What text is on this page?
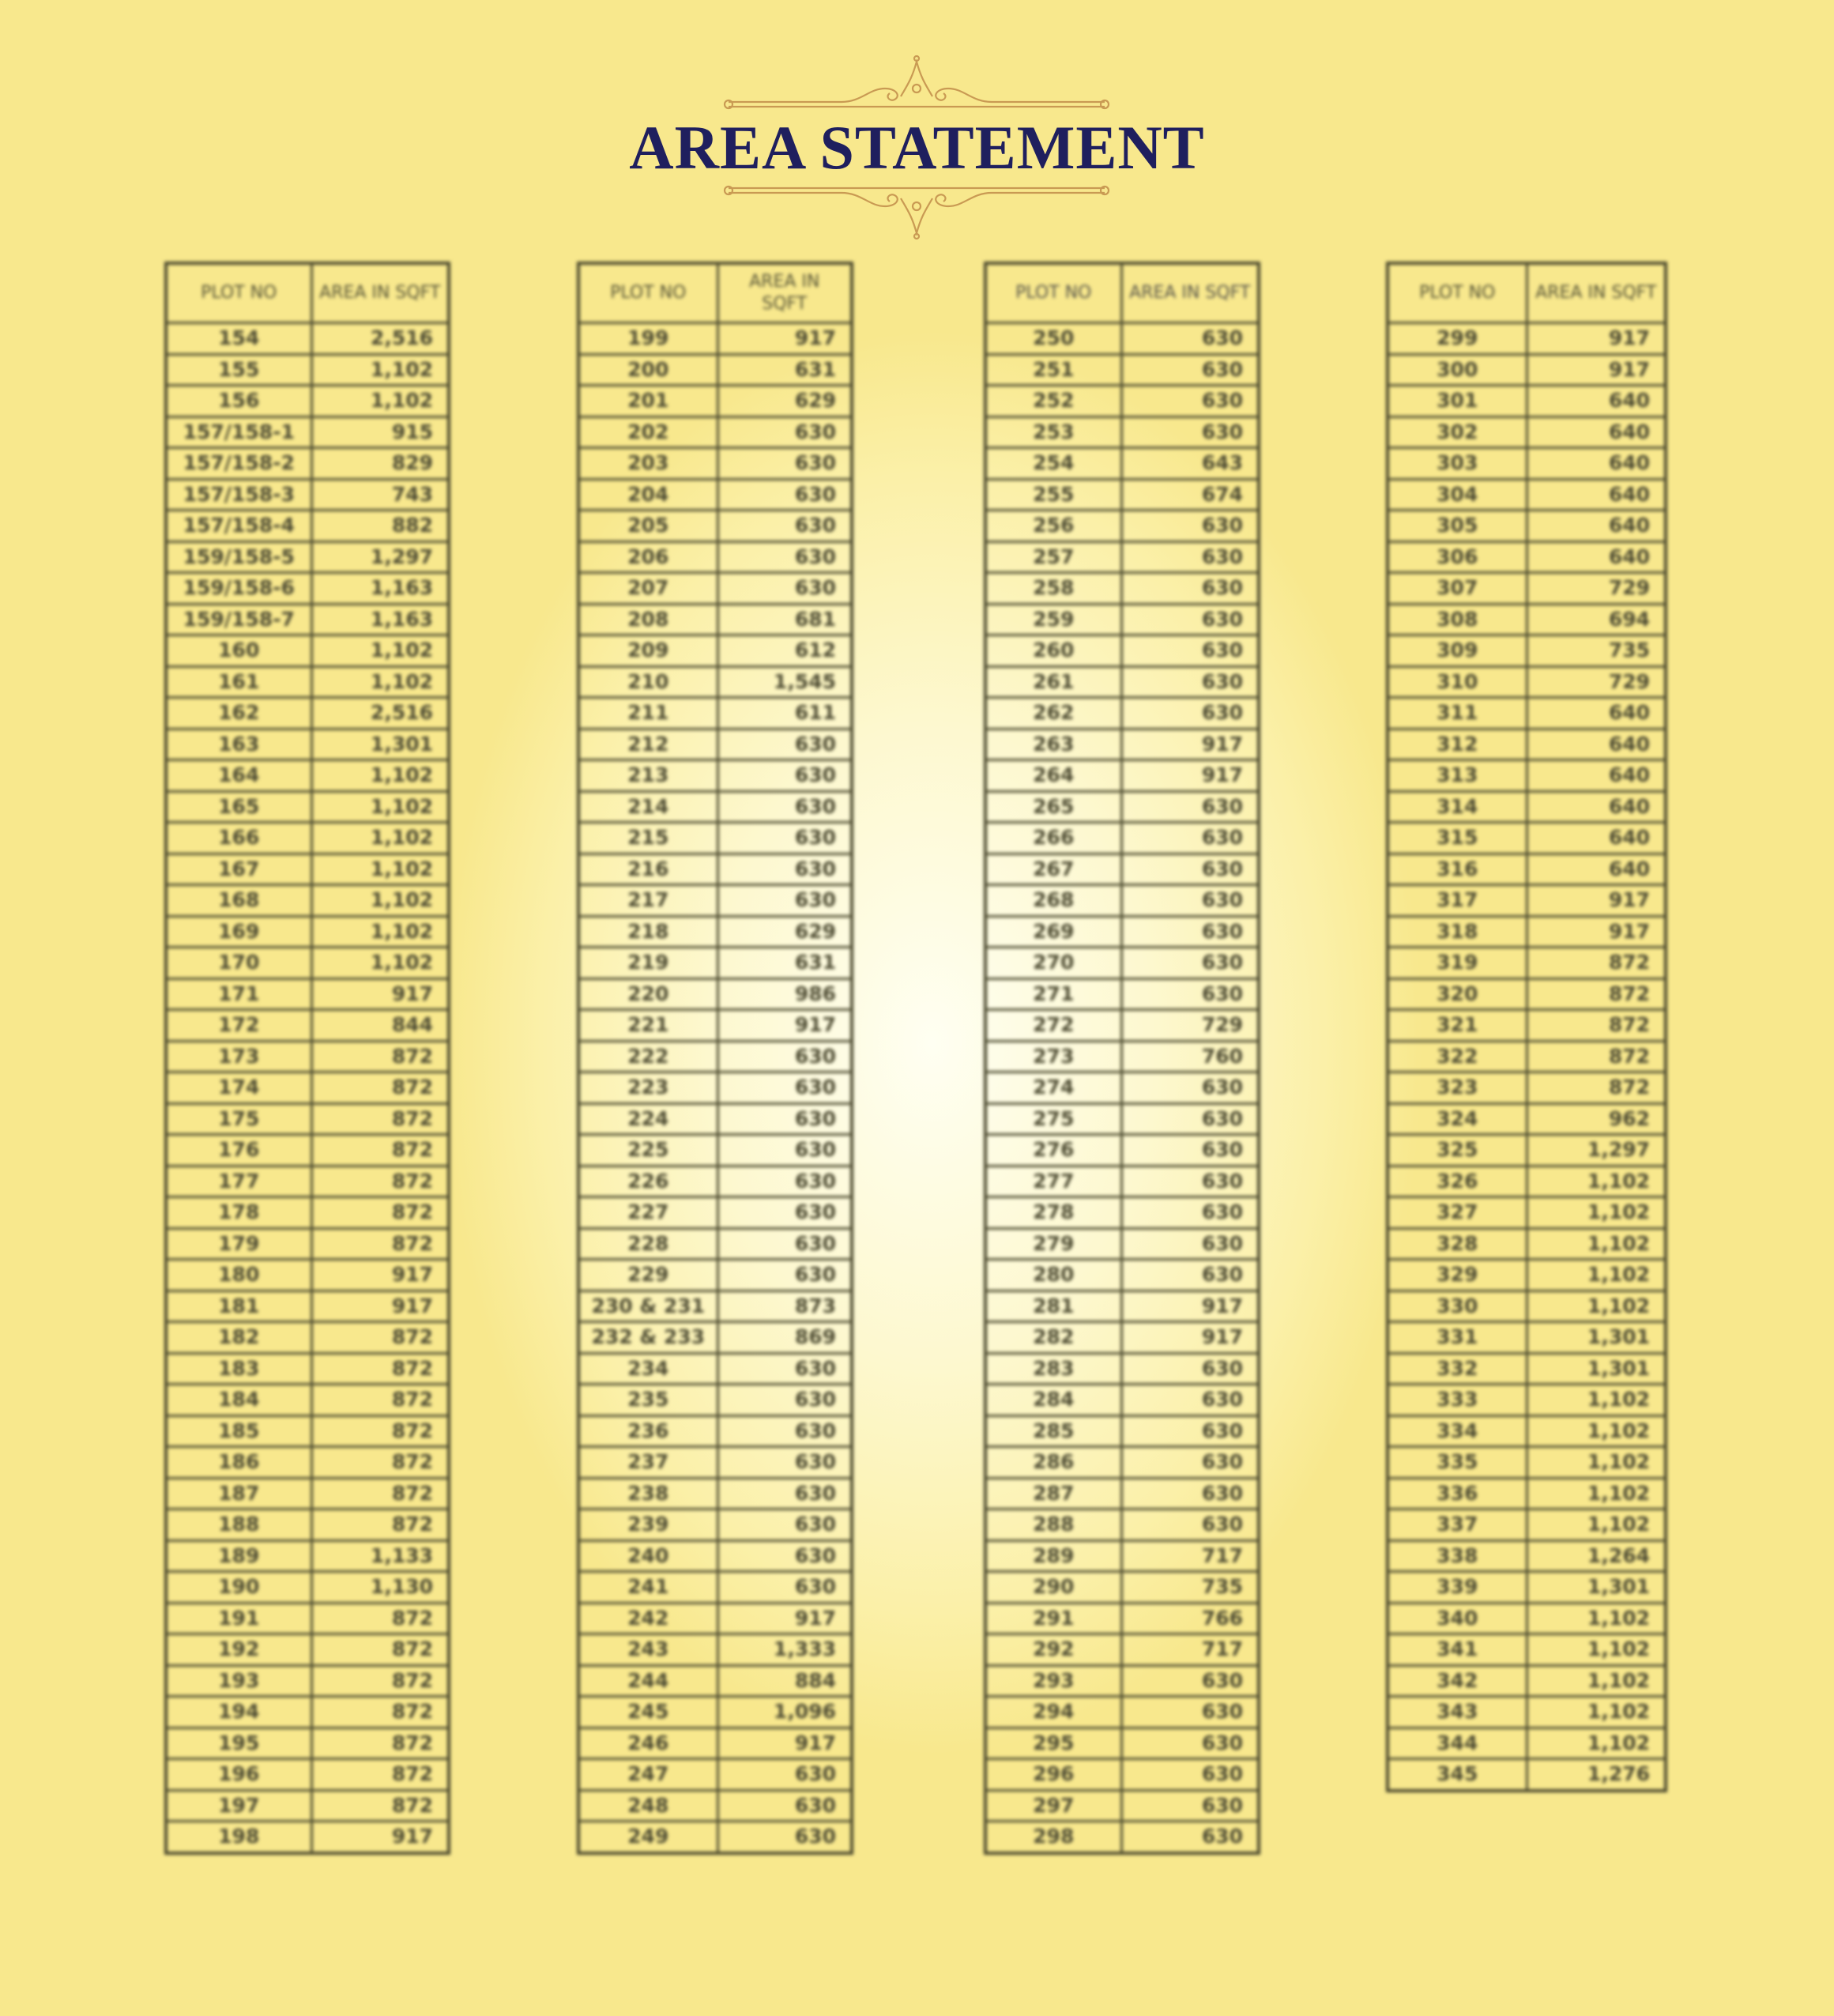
AREA STATEMENT
PLOT NO	AREA IN SQFT
154	2,516
155	1,102
156	1,102
157/158-1	915
157/158-2	829
157/158-3	743
157/158-4	882
159/158-5	1,297
159/158-6	1,163
159/158-7	1,163
160	1,102
161	1,102
162	2,516
163	1,301
164	1,102
165	1,102
166	1,102
167	1,102
168	1,102
169	1,102
170	1,102
171	917
172	844
173	872
174	872
175	872
176	872
177	872
178	872
179	872
180	917
181	917
182	872
183	872
184	872
185	872
186	872
187	872
188	872
189	1,133
190	1,130
191	872
192	872
193	872
194	872
195	872
196	872
197	872
198	917
PLOT NO	AREA IN SQFT
199	917
200	631
201	629
202	630
203	630
204	630
205	630
206	630
207	630
208	681
209	612
210	1,545
211	611
212	630
213	630
214	630
215	630
216	630
217	630
218	629
219	631
220	986
221	917
222	630
223	630
224	630
225	630
226	630
227	630
228	630
229	630
230 & 231	873
232 & 233	869
234	630
235	630
236	630
237	630
238	630
239	630
240	630
241	630
242	917
243	1,333
244	884
245	1,096
246	917
247	630
248	630
249	630
PLOT NO	AREA IN SQFT
250	630
251	630
252	630
253	630
254	643
255	674
256	630
257	630
258	630
259	630
260	630
261	630
262	630
263	917
264	917
265	630
266	630
267	630
268	630
269	630
270	630
271	630
272	729
273	760
274	630
275	630
276	630
277	630
278	630
279	630
280	630
281	917
282	917
283	630
284	630
285	630
286	630
287	630
288	630
289	717
290	735
291	766
292	717
293	630
294	630
295	630
296	630
297	630
298	630
PLOT NO	AREA IN SQFT
299	917
300	917
301	640
302	640
303	640
304	640
305	640
306	640
307	729
308	694
309	735
310	729
311	640
312	640
313	640
314	640
315	640
316	640
317	917
318	917
319	872
320	872
321	872
322	872
323	872
324	962
325	1,297
326	1,102
327	1,102
328	1,102
329	1,102
330	1,102
331	1,301
332	1,301
333	1,102
334	1,102
335	1,102
336	1,102
337	1,102
338	1,264
339	1,301
340	1,102
341	1,102
342	1,102
343	1,102
344	1,102
345	1,276
